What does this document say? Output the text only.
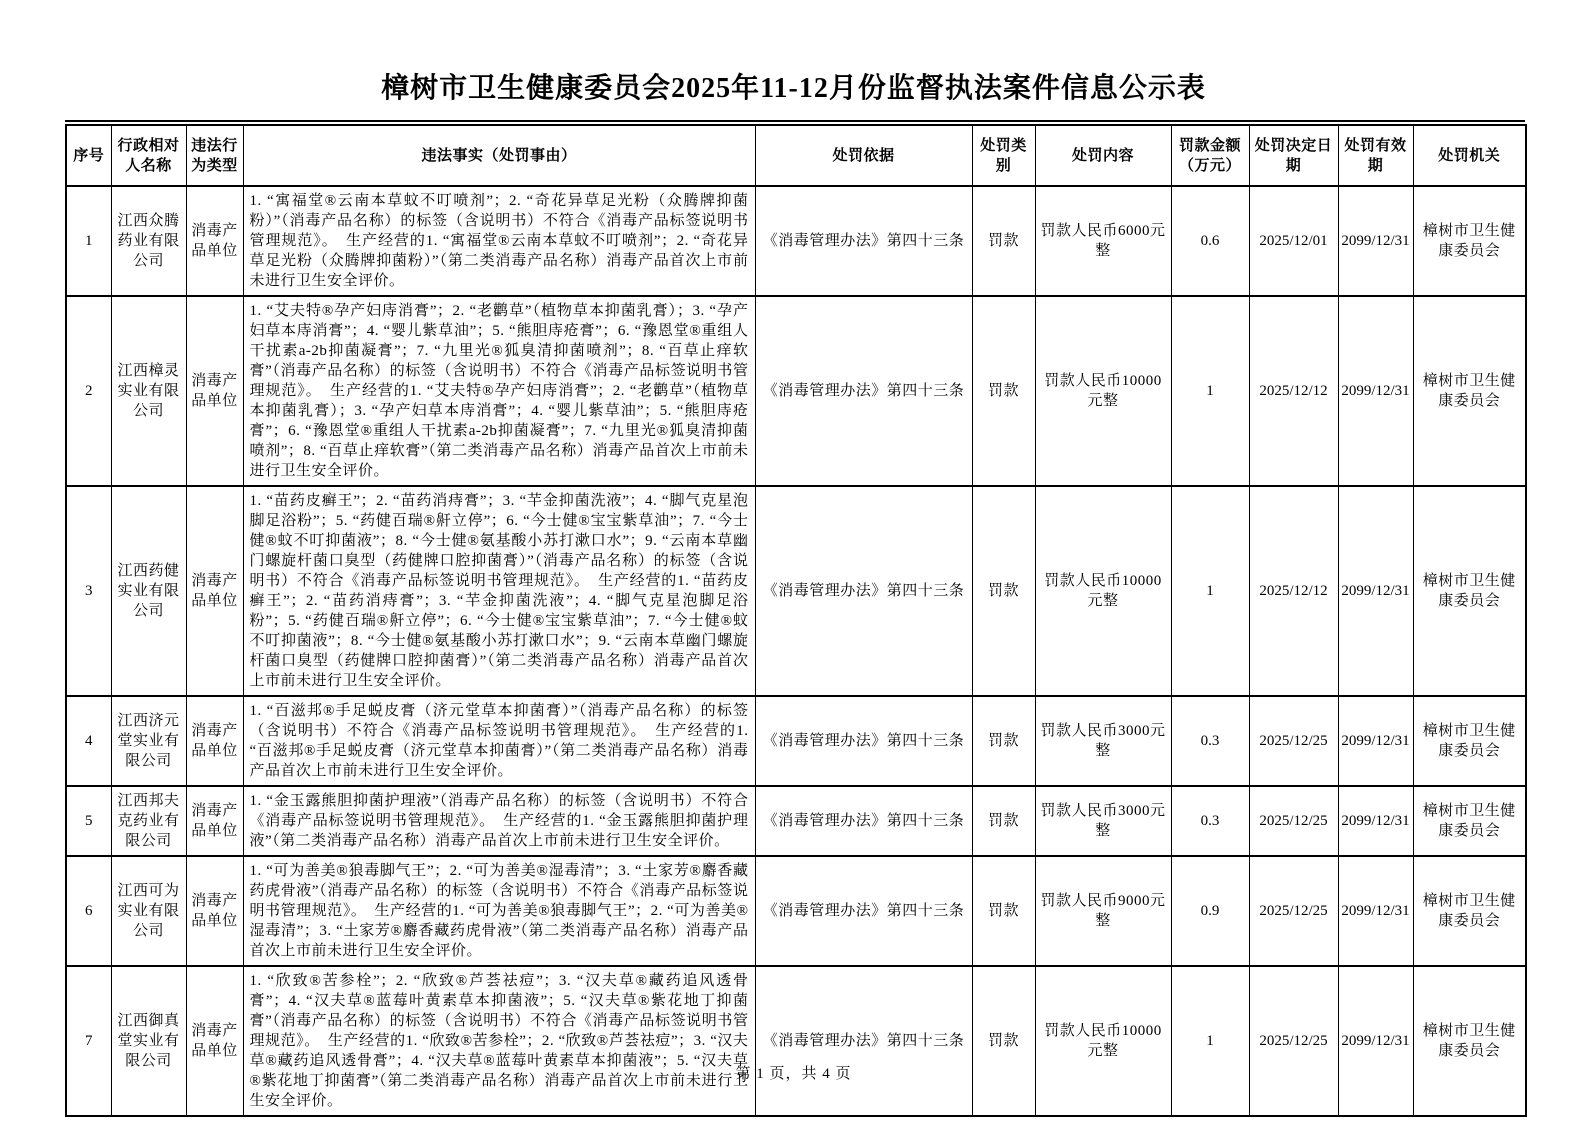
樟树市卫生健康委员会2025年11-12月份监督执法案件信息公示表
序号	行政相对人名称	违法行为类型	违法事实（处罚事由）	处罚依据	处罚类别	处罚内容	罚款金额（万元）	处罚决定日期	处罚有效期	处罚机关
1	江西众腾药业有限公司	消毒产品单位	1. “寓福堂®云南本草蚊不叮喷剂”；2. “奇花异草足光粉（众腾牌抑菌粉）”（消毒产品名称）的标签（含说明书）不符合《消毒产品标签说明书管理规范》。　生产经营的1. “寓福堂®云南本草蚊不叮喷剂”；2. “奇花异草足光粉（众腾牌抑菌粉）”（第二类消毒产品名称）消毒产品首次上市前未进行卫生安全评价。	《消毒管理办法》第四十三条	罚款	罚款人民币6000元整	0.6	2025/12/01	2099/12/31	樟树市卫生健康委员会
2	江西樟灵实业有限公司	消毒产品单位	1. “艾夫特®孕产妇庤消膏”；2. “老鹳草”（植物草本抑菌乳膏）；3. “孕产妇草本庤消膏”；4. “婴儿紫草油”；5. “熊胆庤疮膏”；6. “豫恩堂®重组人干扰素a-2b抑菌凝膏”；7. “九里光®狐臭清抑菌喷剂”；8. “百草止痒软膏”（消毒产品名称）的标签（含说明书）不符合《消毒产品标签说明书管理规范》。　生产经营的1. “艾夫特®孕产妇庤消膏”；2. “老鹳草”（植物草本抑菌乳膏）；3. “孕产妇草本庤消膏”；4. “婴儿紫草油”；5. “熊胆庤疮膏”；6. “豫恩堂®重组人干扰素a-2b抑菌凝膏”；7. “九里光®狐臭清抑菌喷剂”；8. “百草止痒软膏”（第二类消毒产品名称）消毒产品首次上市前未进行卫生安全评价。	《消毒管理办法》第四十三条	罚款	罚款人民币10000元整	1	2025/12/12	2099/12/31	樟树市卫生健康委员会
3	江西药健实业有限公司	消毒产品单位	1. “苗药皮癣王”；2. “苗药消痔膏”；3. “芉金抑菌洗液”；4. “脚气克星泡脚足浴粉”；5. “药健百瑞®鼾立停”；6. “今士健®宝宝紫草油”；7. “今士健®蚊不叮抑菌液”；8. “今士健®氨基酸小苏打漱口水”；9. “云南本草幽门螺旋杆菌口臭型（药健牌口腔抑菌膏）”（消毒产品名称）的标签（含说明书）不符合《消毒产品标签说明书管理规范》。　生产经营的1. “苗药皮癣王”；2. “苗药消痔膏”；3. “芉金抑菌洗液”；4. “脚气克星泡脚足浴粉”；5. “药健百瑞®鼾立停”；6. “今士健®宝宝紫草油”；7. “今士健®蚊不叮抑菌液”；8. “今士健®氨基酸小苏打漱口水”；9. “云南本草幽门螺旋杆菌口臭型（药健牌口腔抑菌膏）”（第二类消毒产品名称）消毒产品首次上市前未进行卫生安全评价。	《消毒管理办法》第四十三条	罚款	罚款人民币10000元整	1	2025/12/12	2099/12/31	樟树市卫生健康委员会
4	江西济元堂实业有限公司	消毒产品单位	1. “百滋邦®手足蜕皮膏（济元堂草本抑菌膏）”（消毒产品名称）的标签（含说明书）不符合《消毒产品标签说明书管理规范》。　生产经营的1. “百滋邦®手足蜕皮膏（济元堂草本抑菌膏）”（第二类消毒产品名称）消毒产品首次上市前未进行卫生安全评价。	《消毒管理办法》第四十三条	罚款	罚款人民币3000元整	0.3	2025/12/25	2099/12/31	樟树市卫生健康委员会
5	江西邦夫克药业有限公司	消毒产品单位	1. “金玉露熊胆抑菌护理液”（消毒产品名称）的标签（含说明书）不符合《消毒产品标签说明书管理规范》。　生产经营的1. “金玉露熊胆抑菌护理液”（第二类消毒产品名称）消毒产品首次上市前未进行卫生安全评价。	《消毒管理办法》第四十三条	罚款	罚款人民币3000元整	0.3	2025/12/25	2099/12/31	樟树市卫生健康委员会
6	江西可为实业有限公司	消毒产品单位	1. “可为善美®狼毒脚气王”；2. “可为善美®湿毒清”；3. “土家芳®麝香藏药虎骨液”（消毒产品名称）的标签（含说明书）不符合《消毒产品标签说明书管理规范》。　生产经营的1. “可为善美®狼毒脚气王”；2. “可为善美®湿毒清”；3. “土家芳®麝香藏药虎骨液”（第二类消毒产品名称）消毒产品首次上市前未进行卫生安全评价。	《消毒管理办法》第四十三条	罚款	罚款人民币9000元整	0.9	2025/12/25	2099/12/31	樟树市卫生健康委员会
7	江西御真堂实业有限公司	消毒产品单位	1. “欣致®苦参栓”；2. “欣致®芦荟祛痘”；3. “汉夫草®藏药追风透骨膏”；4. “汉夫草®蓝莓叶黄素草本抑菌液”；5. “汉夫草®紫花地丁抑菌膏”（消毒产品名称）的标签（含说明书）不符合《消毒产品标签说明书管理规范》。　生产经营的1. “欣致®苦参栓”；2. “欣致®芦荟祛痘”；3. “汉夫草®藏药追风透骨膏”；4. “汉夫草®蓝莓叶黄素草本抑菌液”；5. “汉夫草®紫花地丁抑菌膏”（第二类消毒产品名称）消毒产品首次上市前未进行卫生安全评价。	《消毒管理办法》第四十三条	罚款	罚款人民币10000元整	1	2025/12/25	2099/12/31	樟树市卫生健康委员会
第 1 页，共 4 页
